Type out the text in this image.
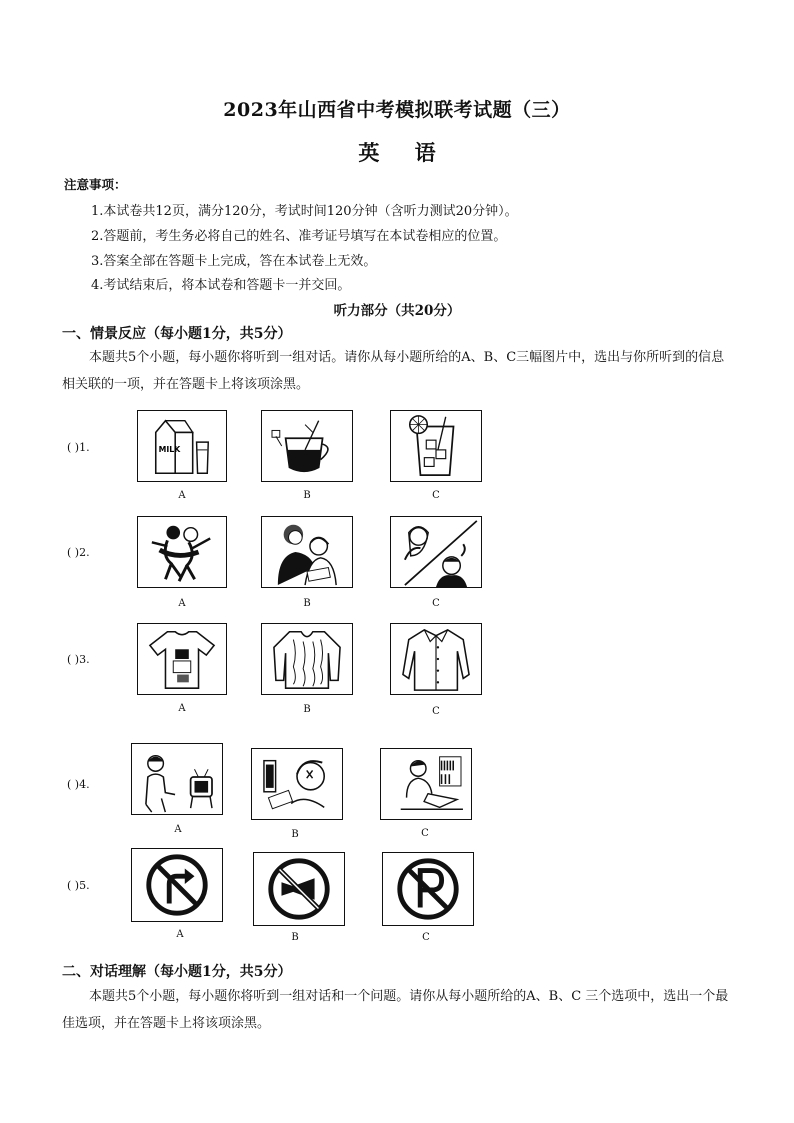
2023年山西省中考模拟联考试题（三）
英 语
注意事项：
1.本试卷共12页，满分120分，考试时间120分钟（含听力测试20分钟）。
2.答题前，考生务必将自己的姓名、准考证号填写在本试卷相应的位置。
3.答案全部在答题卡上完成，答在本试卷上无效。
4.考试结束后，将本试卷和答题卡一并交回。
听力部分（共20分）
一、情景反应（每小题1分，共5分）
本题共5个小题，每小题你将听到一组对话。请你从每小题所给的A、B、C三幅图片中，选出与你所听到的信息相关联的一项，并在答题卡上将该项涂黑。
( )1.	MILK
A	B	C
( )2.
A	B	C
( )3.
A	B	C
( )4.
A	B	C
( )5.
A	B	C
二、对话理解（每小题1分，共5分）
本题共5个小题，每小题你将听到一组对话和一个问题。请你从每小题所给的A、B、C 三个选项中，选出一个最佳选项，并在答题卡上将该项涂黑。
